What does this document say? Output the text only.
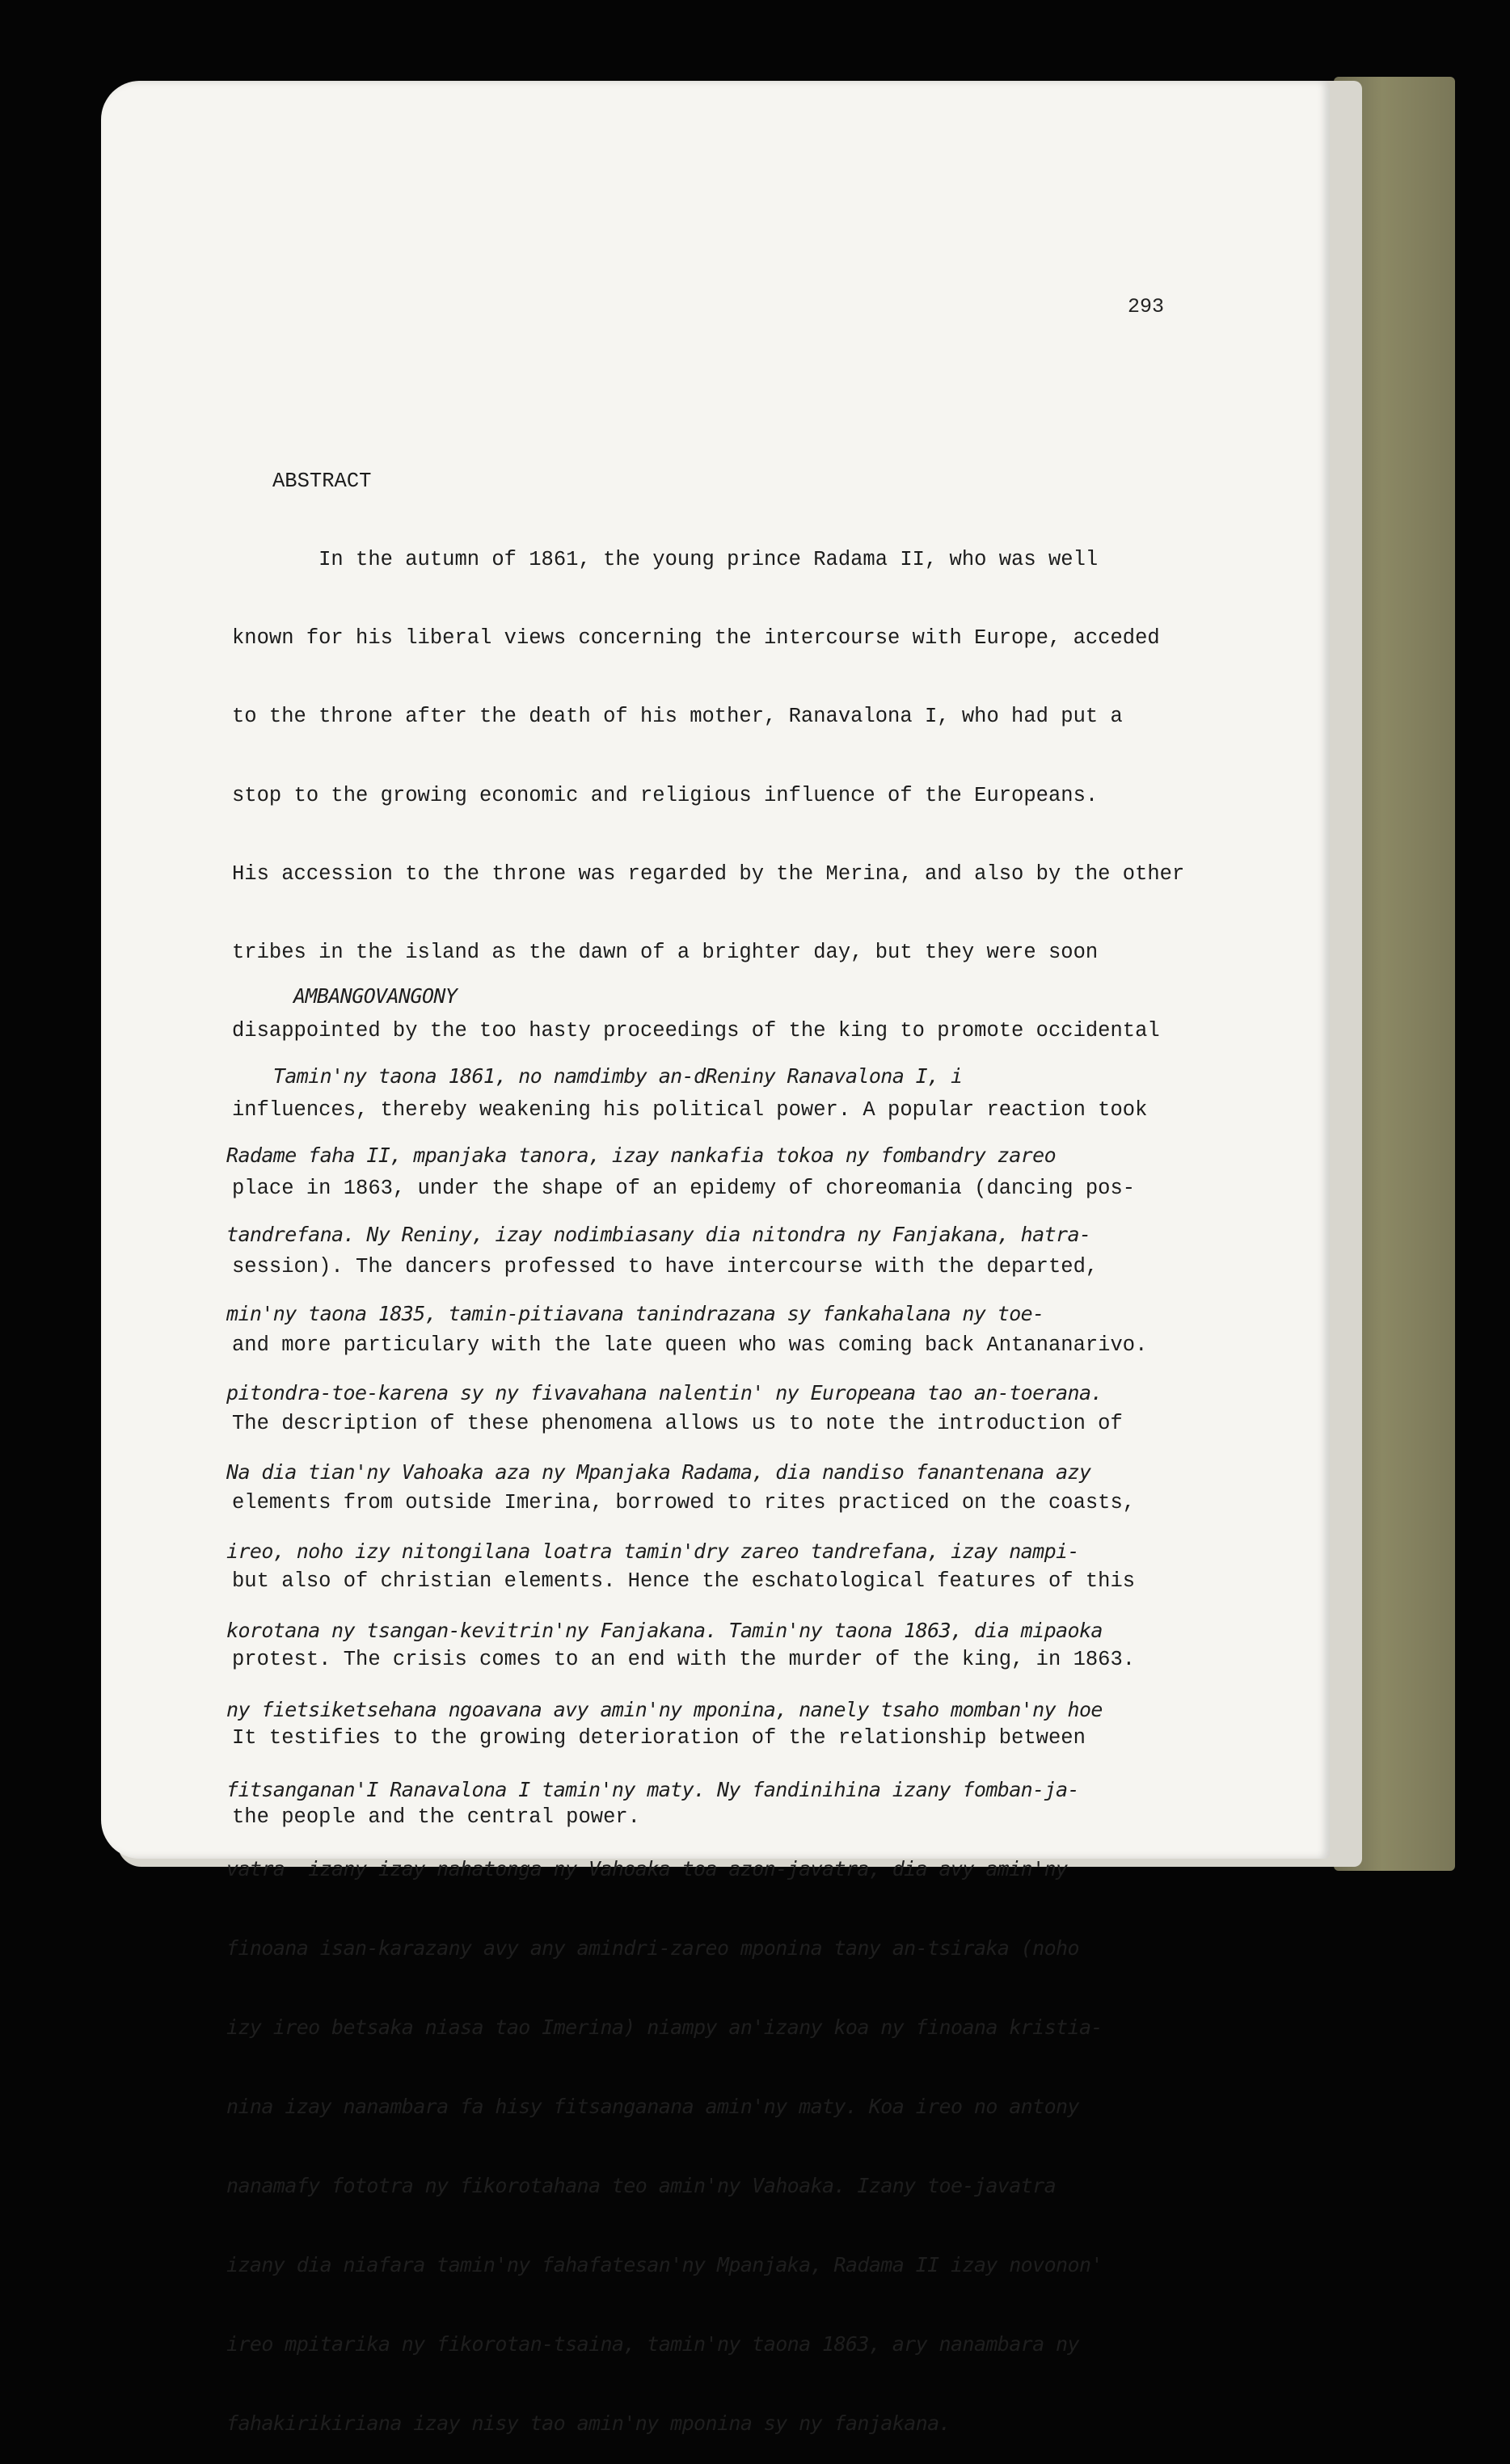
293

ABSTRACT

In the autumn of 1861, the young prince Radama II, who was well

known for his liberal views concerning the intercourse with Europe, acceded

to the throne after the death of his mother, Ranavalona I, who had put a

stop to the growing economic and religious influence of the Europeans.

His accession to the throne was regarded by the Merina, and also by the other

tribes in the island as the dawn of a brighter day, but they were soon

disappointed by the too hasty proceedings of the king to promote occidental

influences, thereby weakening his political power. A popular reaction took

place in 1863, under the shape of an epidemy of choreomania (dancing pos-

session). The dancers professed to have intercourse with the departed,

and more particulary with the late queen who was coming back Antananarivo.

The description of these phenomena allows us to note the introduction of

elements from outside Imerina, borrowed to rites practiced on the coasts,

but also of christian elements. Hence the eschatological features of this

protest. The crisis comes to an end with the murder of the king, in 1863.

It testifies to the growing deterioration of the relationship between

the people and the central power.

AMBANGOVANGONY

Tamin'ny taona 1861, no namdimby an-dReniny Ranavalona I, i

Radame faha II, mpanjaka tanora, izay nankafia tokoa ny fombandry zareo

tandrefana. Ny Reniny, izay nodimbiasany dia nitondra ny Fanjakana, hatra-

min'ny taona 1835, tamin-pitiavana tanindrazana sy fankahalana ny toe-

pitondra-toe-karena sy ny fivavahana nalentin' ny Europeana tao an-toerana.

Na dia tian'ny Vahoaka aza ny Mpanjaka Radama, dia nandiso fanantenana azy

ireo, noho izy nitongilana loatra tamin'dry zareo tandrefana, izay nampi-

korotana ny tsangan-kevitrin'ny Fanjakana. Tamin'ny taona 1863, dia mipaoka

ny fietsiketsehana ngoavana avy amin'ny mponina, nanely tsaho momban'ny hoe

fitsanganan'I Ranavalona I tamin'ny maty. Ny fandinihina izany fomban-ja-

vatra  izany izay nahatonga ny Vahoaka toa azon-javatra, dia avy amin'ny

finoana isan-karazany avy any amindri-zareo mponina tany an-tsiraka (noho

izy ireo betsaka niasa tao Imerina) niampy an'izany koa ny finoana kristia-

nina izay nanambara fa hisy fitsanganana amin'ny maty. Koa ireo no antony

nanamafy fototra ny fikorotahana teo amin'ny Vahoaka. Izany toe-javatra

izany dia niafara tamin'ny fahafatesan'ny Mpanjaka, Radama II izay novonon'

ireo mpitarika ny fikorotan-tsaina, tamin'ny taona 1863, ary nanambara ny

fahakirikiriana izay nisy tao amin'ny mponina sy ny fanjakana.
